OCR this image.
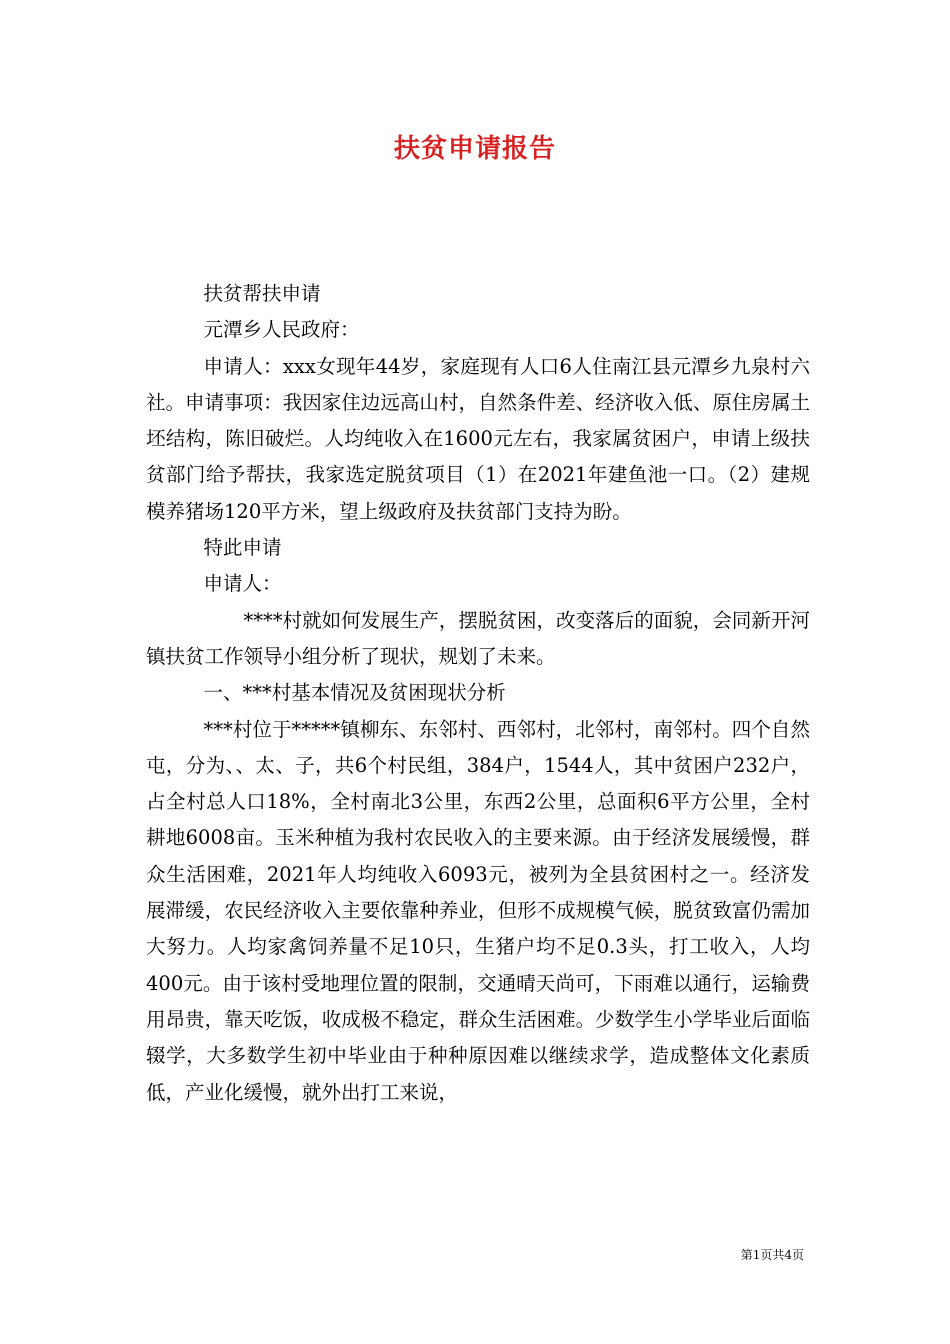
扶贫申请报告

扶贫帮扶申请

元潭乡人民政府：

申请人：xxx女现年44岁，家庭现有人口6人住南江县元潭乡九泉村六社。申请事项：我因家住边远高山村，自然条件差、经济收入低、原住房属土坯结构，陈旧破烂。人均纯收入在1600元左右，我家属贫困户，申请上级扶贫部门给予帮扶，我家选定脱贫项目（1）在2021年建鱼池一口。（2）建规模养猪场120平方米，望上级政府及扶贫部门支持为盼。

特此申请

申请人：

****村就如何发展生产，摆脱贫困，改变落后的面貌，会同新开河镇扶贫工作领导小组分析了现状，规划了未来。

一、***村基本情况及贫困现状分析

***村位于*****镇柳东、东邻村、西邻村，北邻村，南邻村。四个自然屯，分为、、太、子，共6个村民组，384户，1544人，其中贫困户232户，占全村总人口18%，全村南北3公里，东西2公里，总面积6平方公里，全村耕地6008亩。玉米种植为我村农民收入的主要来源。由于经济发展缓慢，群众生活困难，2021年人均纯收入6093元，被列为全县贫困村之一。经济发展滞缓，农民经济收入主要依靠种养业，但形不成规模气候，脱贫致富仍需加大努力。人均家禽饲养量不足10只，生猪户均不足0.3头，打工收入，人均400元。由于该村受地理位置的限制，交通晴天尚可，下雨难以通行，运输费用昂贵，靠天吃饭，收成极不稳定，群众生活困难。少数学生小学毕业后面临辍学，大多数学生初中毕业由于种种原因难以继续求学，造成整体文化素质低，产业化缓慢，就外出打工来说，

第1页共4页
